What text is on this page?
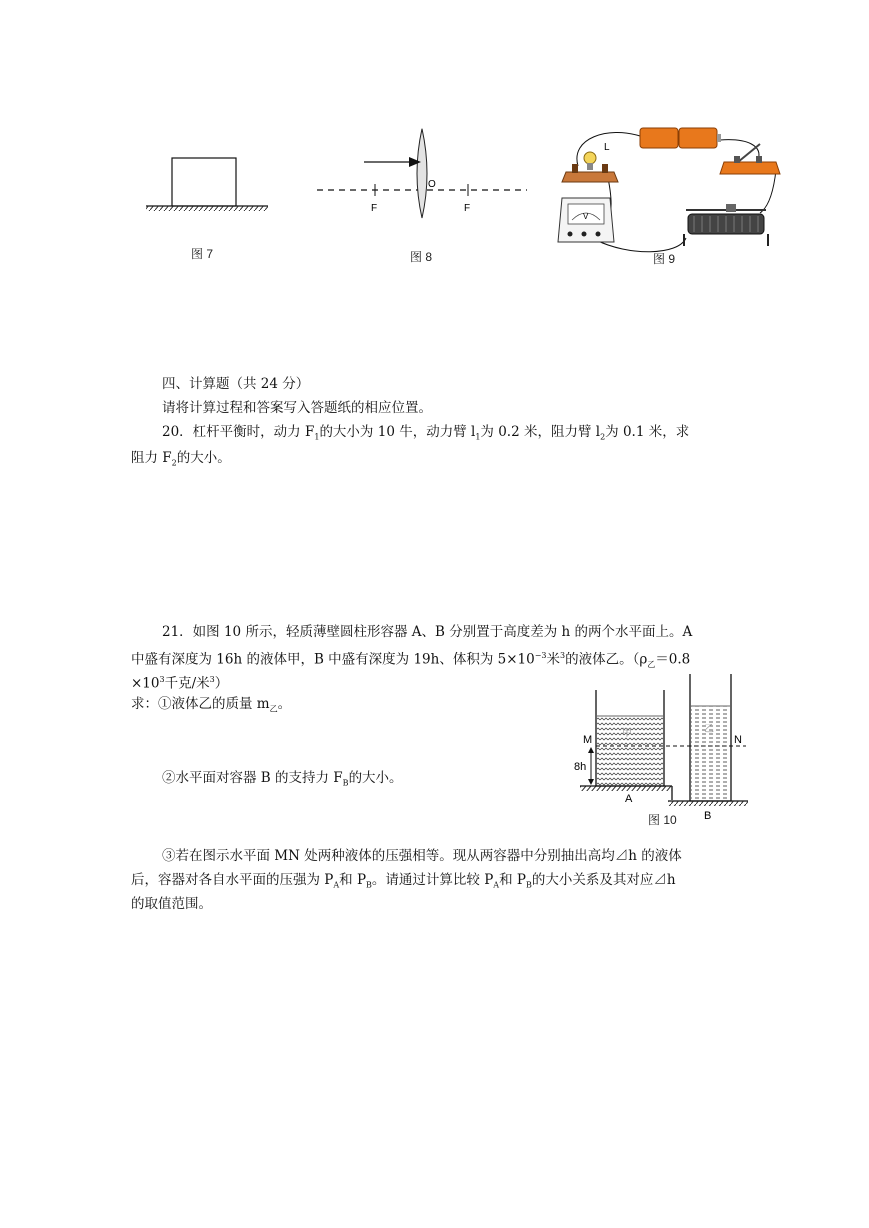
图 7
O
F	F
图 8
L
V
图 9
四、计算题（共 24 分）
请将计算过程和答案写入答题纸的相应位置。
20．杠杆平衡时，动力 $F_1$的大小为 10 牛，动力臂 $l_1$为 0.2 米，阻力臂 $l_2$为 0.1 米，求
阻力 $F_2$的大小。
21．如图 10 所示，轻质薄壁圆柱形容器 A、B 分别置于高度差为 h 的两个水平面上。A
中盛有深度为 16h 的液体甲，B 中盛有深度为 19h、体积为 $5\times 10^{-3}$米$^3$的液体乙。（$\rho_乙=0.8$
$\times 10^3$千克/米$^3$）
求：①液体乙的质量 $m_乙$。
②水平面对容器 B 的支持力 $F_B$的大小。
③若在图示水平面 MN 处两种液体的压强相等。现从两容器中分别抽出高均⊿h 的液体
后，容器对各自水平面的压强为 $P_A$和 $P_B$。请通过计算比较 $P_A$和 $P_B$的大小关系及其对应⊿h
的取值范围。
M	N
8h
甲	乙
A
B
图 10
